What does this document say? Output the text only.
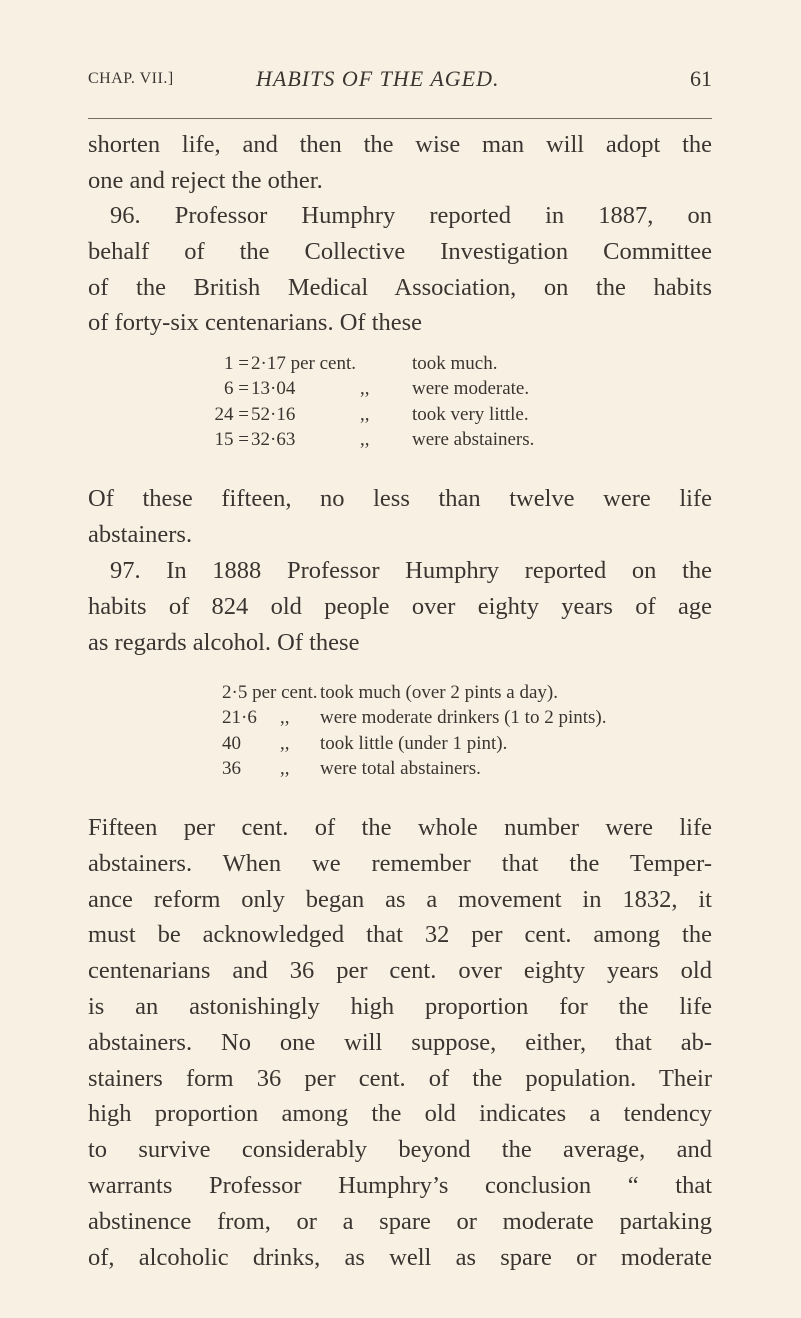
CHAP. VII.]	HABITS OF THE AGED.	61
shorten life, and then the wise man will adopt the
one and reject the other.
96. Professor Humphry reported in 1887, on
behalf of the Collective Investigation Committee
of the British Medical Association, on the habits
of forty-six centenarians. Of these
Of these fifteen, no less than twelve were life
abstainers.
97. In 1888 Professor Humphry reported on the
habits of 824 old people over eighty years of age
as regards alcohol. Of these
Fifteen per cent. of the whole number were life
abstainers. When we remember that the Temper-
ance reform only began as a movement in 1832, it
must be acknowledged that 32 per cent. among the
centenarians and 36 per cent. over eighty years old
is an astonishingly high proportion for the life
abstainers. No one will suppose, either, that ab-
stainers form 36 per cent. of the population. Their
high proportion among the old indicates a tendency
to survive considerably beyond the average, and
warrants Professor Humphry’s conclusion “ that
abstinence from, or a spare or moderate partaking
of, alcoholic drinks, as well as spare or moderate
1 = 2·17 per cent.	took much.
6 = 13·04	,, were moderate.
24 = 52·16	,, took very little.
15 = 32·63	,, were abstainers.
2·5 per cent. took much (over 2 pints a day).
21·6 ,, were moderate drinkers (1 to 2 pints).
40 ,, took little (under 1 pint).
36 ,, were total abstainers.
